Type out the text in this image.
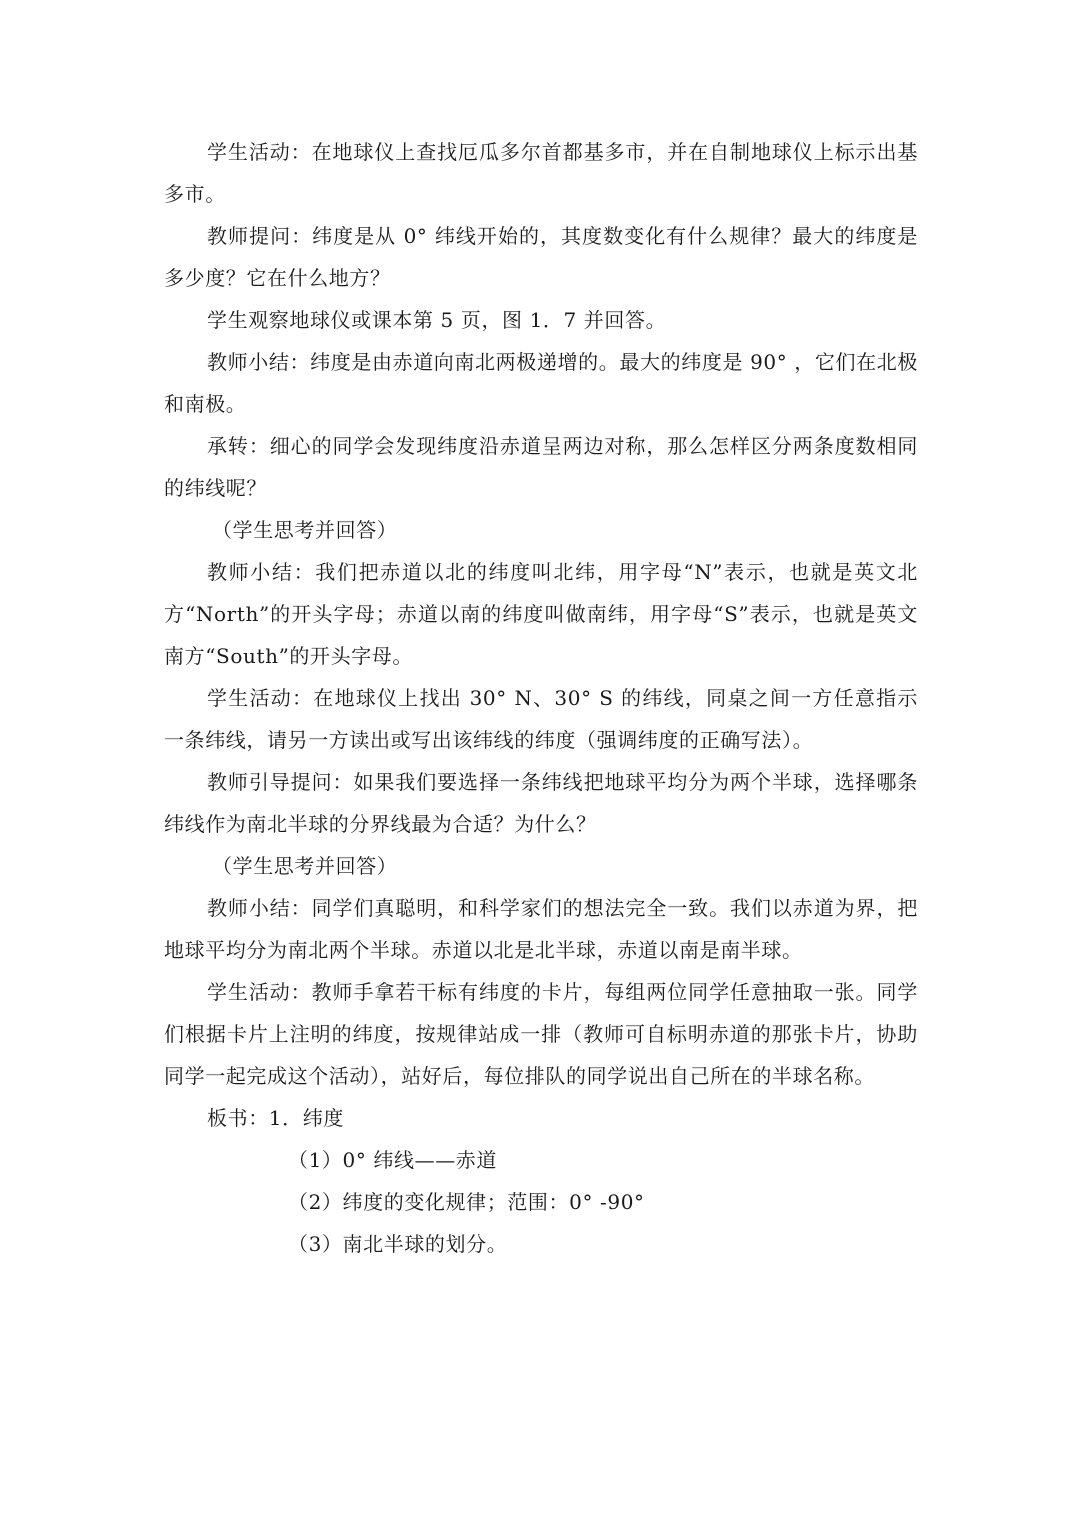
学生活动：在地球仪上查找厄瓜多尔首都基多市，并在自制地球仪上标示出基多市。

教师提问：纬度是从 0° 纬线开始的，其度数变化有什么规律？最大的纬度是多少度？它在什么地方？

学生观察地球仪或课本第 5 页，图 1．7 并回答。

教师小结：纬度是由赤道向南北两极递增的。最大的纬度是 90° ，它们在北极和南极。

承转：细心的同学会发现纬度沿赤道呈两边对称，那么怎样区分两条度数相同的纬线呢？

（学生思考并回答）

教师小结：我们把赤道以北的纬度叫北纬，用字母“N”表示，也就是英文北方“North”的开头字母；赤道以南的纬度叫做南纬，用字母“S”表示，也就是英文南方“South”的开头字母。

学生活动：在地球仪上找出 30° N、30° S 的纬线，同桌之间一方任意指示一条纬线，请另一方读出或写出该纬线的纬度（强调纬度的正确写法）。

教师引导提问：如果我们要选择一条纬线把地球平均分为两个半球，选择哪条纬线作为南北半球的分界线最为合适？为什么？

（学生思考并回答）

教师小结：同学们真聪明，和科学家们的想法完全一致。我们以赤道为界，把地球平均分为南北两个半球。赤道以北是北半球，赤道以南是南半球。

学生活动：教师手拿若干标有纬度的卡片，每组两位同学任意抽取一张。同学们根据卡片上注明的纬度，按规律站成一排（教师可自标明赤道的那张卡片，协助同学一起完成这个活动），站好后，每位排队的同学说出自己所在的半球名称。

板书：1．纬度

（1）0° 纬线——赤道

（2）纬度的变化规律；范围：0° -90°

（3）南北半球的划分。
